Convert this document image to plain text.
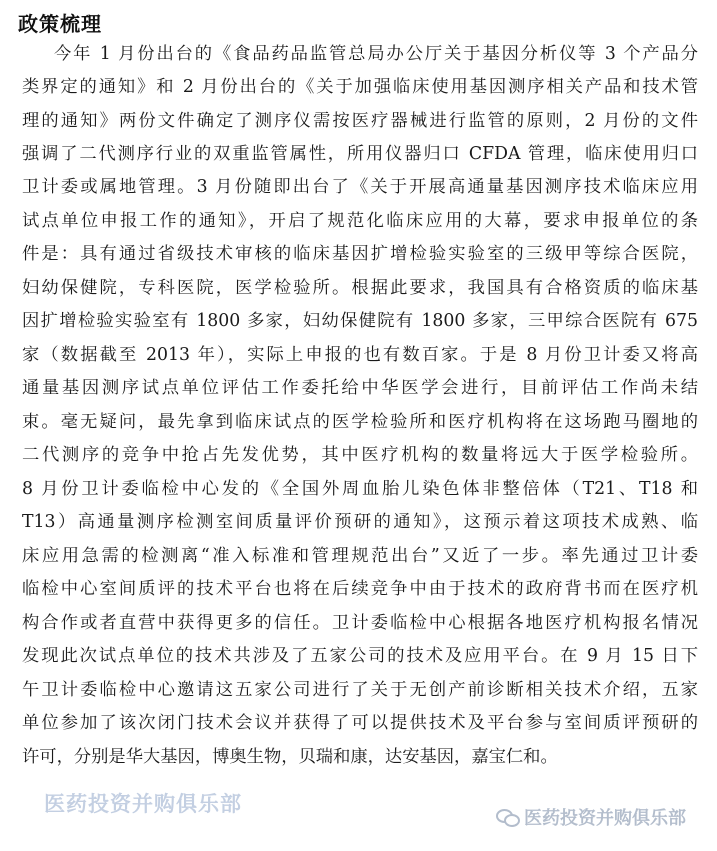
政策梳理
今年 1 月份出台的《食品药品监管总局办公厅关于基因分析仪等 3 个产品分
类界定的通知》和 2 月份出台的《关于加强临床使用基因测序相关产品和技术管
理的通知》两份文件确定了测序仪需按医疗器械进行监管的原则，2 月份的文件
强调了二代测序行业的双重监管属性，所用仪器归口 CFDA 管理，临床使用归口
卫计委或属地管理。3 月份随即出台了《关于开展高通量基因测序技术临床应用
试点单位申报工作的通知》，开启了规范化临床应用的大幕，要求申报单位的条
件是：具有通过省级技术审核的临床基因扩增检验实验室的三级甲等综合医院，
妇幼保健院，专科医院，医学检验所。根据此要求，我国具有合格资质的临床基
因扩增检验实验室有 1800 多家，妇幼保健院有 1800 多家，三甲综合医院有 675
家（数据截至 2013 年），实际上申报的也有数百家。于是 8 月份卫计委又将高
通量基因测序试点单位评估工作委托给中华医学会进行，目前评估工作尚未结
束。毫无疑问，最先拿到临床试点的医学检验所和医疗机构将在这场跑马圈地的
二代测序的竞争中抢占先发优势，其中医疗机构的数量将远大于医学检验所。
8 月份卫计委临检中心发的《全国外周血胎儿染色体非整倍体（T21、T18 和
T13）高通量测序检测室间质量评价预研的通知》，这预示着这项技术成熟、临
床应用急需的检测离“准入标准和管理规范出台”又近了一步。率先通过卫计委
临检中心室间质评的技术平台也将在后续竞争中由于技术的政府背书而在医疗机
构合作或者直营中获得更多的信任。卫计委临检中心根据各地医疗机构报名情况
发现此次试点单位的技术共涉及了五家公司的技术及应用平台。在 9 月 15 日下
午卫计委临检中心邀请这五家公司进行了关于无创产前诊断相关技术介绍，五家
单位参加了该次闭门技术会议并获得了可以提供技术及平台参与室间质评预研的
许可，分别是华大基因，博奥生物，贝瑞和康，达安基因，嘉宝仁和。
医药投资并购俱乐部
医药投资并购俱乐部
